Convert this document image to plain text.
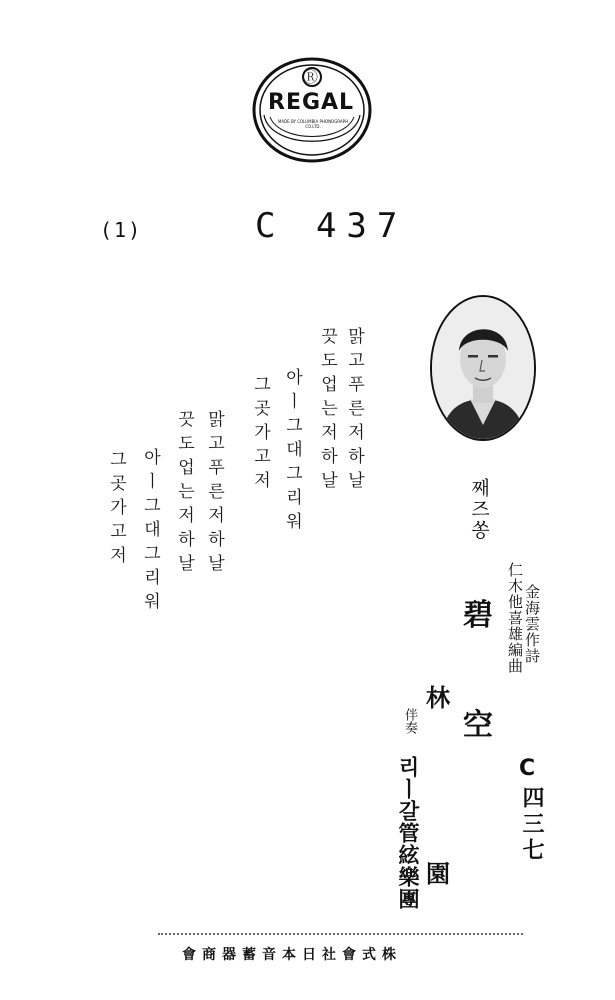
Ⓡ
REGAL
MADE BY COLUMBIA PHONOGRAPH CO.LTD.
(1)	C 437
맑고푸른저하날
끗도업는저하날
아ㅣ그대그리워
그곳가고저
맑고푸른저하날
끗도업는저하날
아ㅣ그대그리워
그곳가고저	째즈쏭
碧
空
金海雲作詩
仁木他喜雄編曲
林
園
伴奏
리ㅣ갈管絃樂團	C
四三七
會商器蓄音本日社會式株
